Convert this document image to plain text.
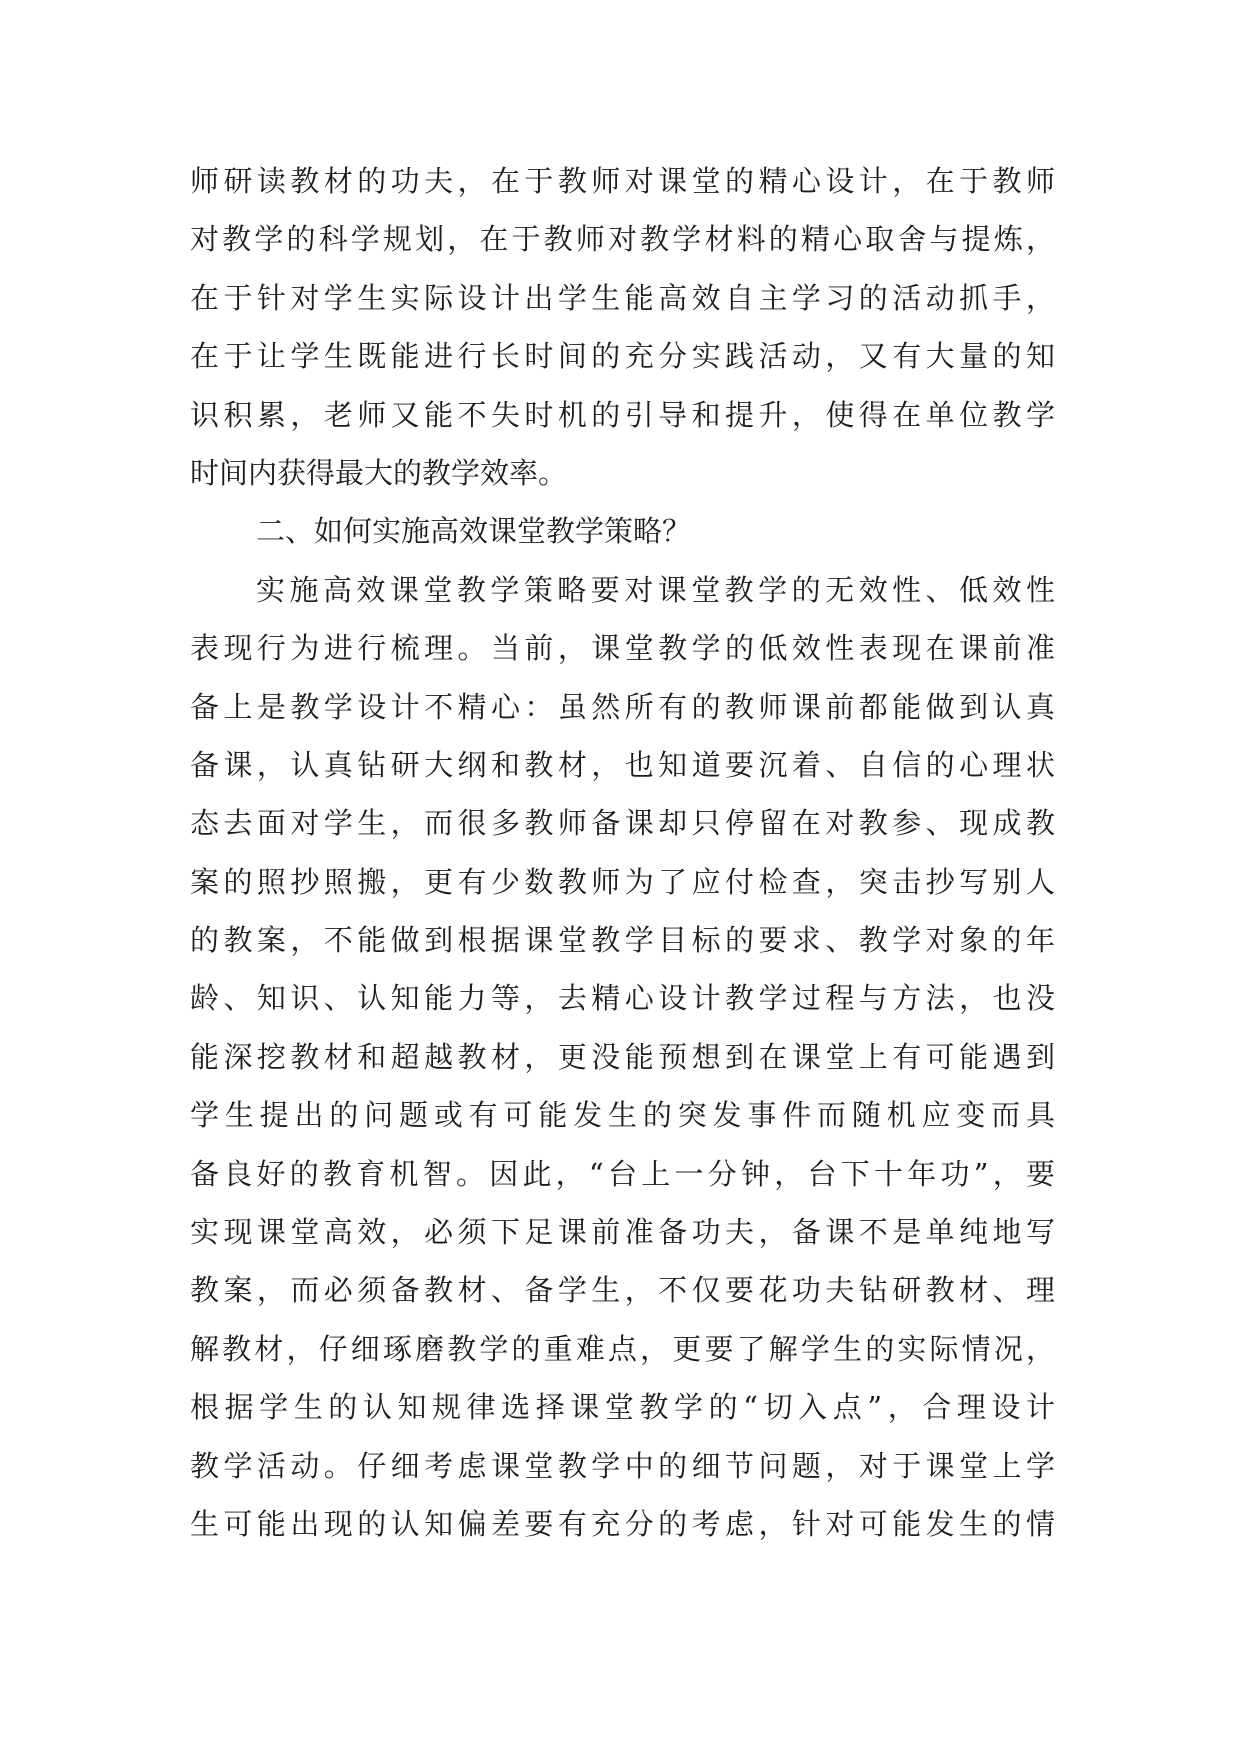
师研读教材的功夫，在于教师对课堂的精心设计，在于教师
对教学的科学规划，在于教师对教学材料的精心取舍与提炼，
在于针对学生实际设计出学生能高效自主学习的活动抓手，
在于让学生既能进行长时间的充分实践活动，又有大量的知
识积累，老师又能不失时机的引导和提升，使得在单位教学
时间内获得最大的教学效率。
二、如何实施高效课堂教学策略？
实施高效课堂教学策略要对课堂教学的无效性、低效性
表现行为进行梳理。当前，课堂教学的低效性表现在课前准
备上是教学设计不精心：虽然所有的教师课前都能做到认真
备课，认真钻研大纲和教材，也知道要沉着、自信的心理状
态去面对学生，而很多教师备课却只停留在对教参、现成教
案的照抄照搬，更有少数教师为了应付检查，突击抄写别人
的教案，不能做到根据课堂教学目标的要求、教学对象的年
龄、知识、认知能力等，去精心设计教学过程与方法，也没
能深挖教材和超越教材，更没能预想到在课堂上有可能遇到
学生提出的问题或有可能发生的突发事件而随机应变而具
备良好的教育机智。因此，“台上一分钟，台下十年功”，要
实现课堂高效，必须下足课前准备功夫，备课不是单纯地写
教案，而必须备教材、备学生，不仅要花功夫钻研教材、理
解教材，仔细琢磨教学的重难点，更要了解学生的实际情况，
根据学生的认知规律选择课堂教学的“切入点”，合理设计
教学活动。仔细考虑课堂教学中的细节问题，对于课堂上学
生可能出现的认知偏差要有充分的考虑，针对可能发生的情
